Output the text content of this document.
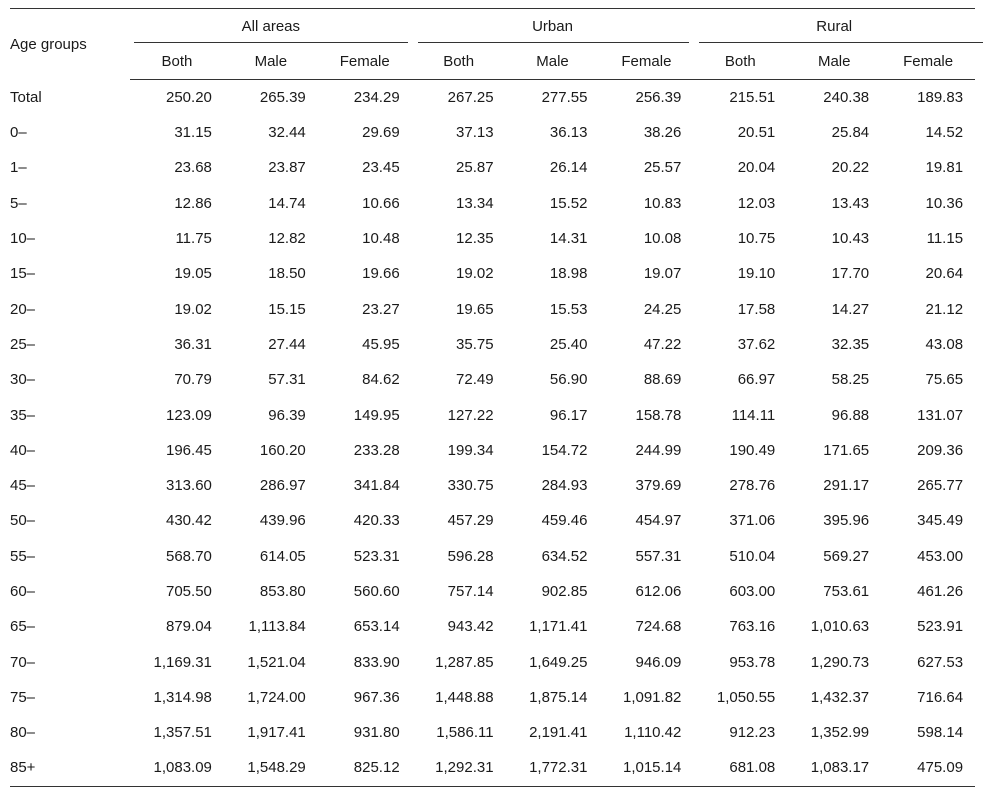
Age groups	All areas			Urban			Rural		

	Both	Male	Female	Both	Male	Female	Both	Male	Female
Total	250.20	265.39	234.29	267.25	277.55	256.39	215.51	240.38	189.83
0–	31.15	32.44	29.69	37.13	36.13	38.26	20.51	25.84	14.52
1–	23.68	23.87	23.45	25.87	26.14	25.57	20.04	20.22	19.81
5–	12.86	14.74	10.66	13.34	15.52	10.83	12.03	13.43	10.36
10–	11.75	12.82	10.48	12.35	14.31	10.08	10.75	10.43	11.15
15–	19.05	18.50	19.66	19.02	18.98	19.07	19.10	17.70	20.64
20–	19.02	15.15	23.27	19.65	15.53	24.25	17.58	14.27	21.12
25–	36.31	27.44	45.95	35.75	25.40	47.22	37.62	32.35	43.08
30–	70.79	57.31	84.62	72.49	56.90	88.69	66.97	58.25	75.65
35–	123.09	96.39	149.95	127.22	96.17	158.78	114.11	96.88	131.07
40–	196.45	160.20	233.28	199.34	154.72	244.99	190.49	171.65	209.36
45–	313.60	286.97	341.84	330.75	284.93	379.69	278.76	291.17	265.77
50–	430.42	439.96	420.33	457.29	459.46	454.97	371.06	395.96	345.49
55–	568.70	614.05	523.31	596.28	634.52	557.31	510.04	569.27	453.00
60–	705.50	853.80	560.60	757.14	902.85	612.06	603.00	753.61	461.26
65–	879.04	1,113.84	653.14	943.42	1,171.41	724.68	763.16	1,010.63	523.91
70–	1,169.31	1,521.04	833.90	1,287.85	1,649.25	946.09	953.78	1,290.73	627.53
75–	1,314.98	1,724.00	967.36	1,448.88	1,875.14	1,091.82	1,050.55	1,432.37	716.64
80–	1,357.51	1,917.41	931.80	1,586.11	2,191.41	1,110.42	912.23	1,352.99	598.14
85+	1,083.09	1,548.29	825.12	1,292.31	1,772.31	1,015.14	681.08	1,083.17	475.09
